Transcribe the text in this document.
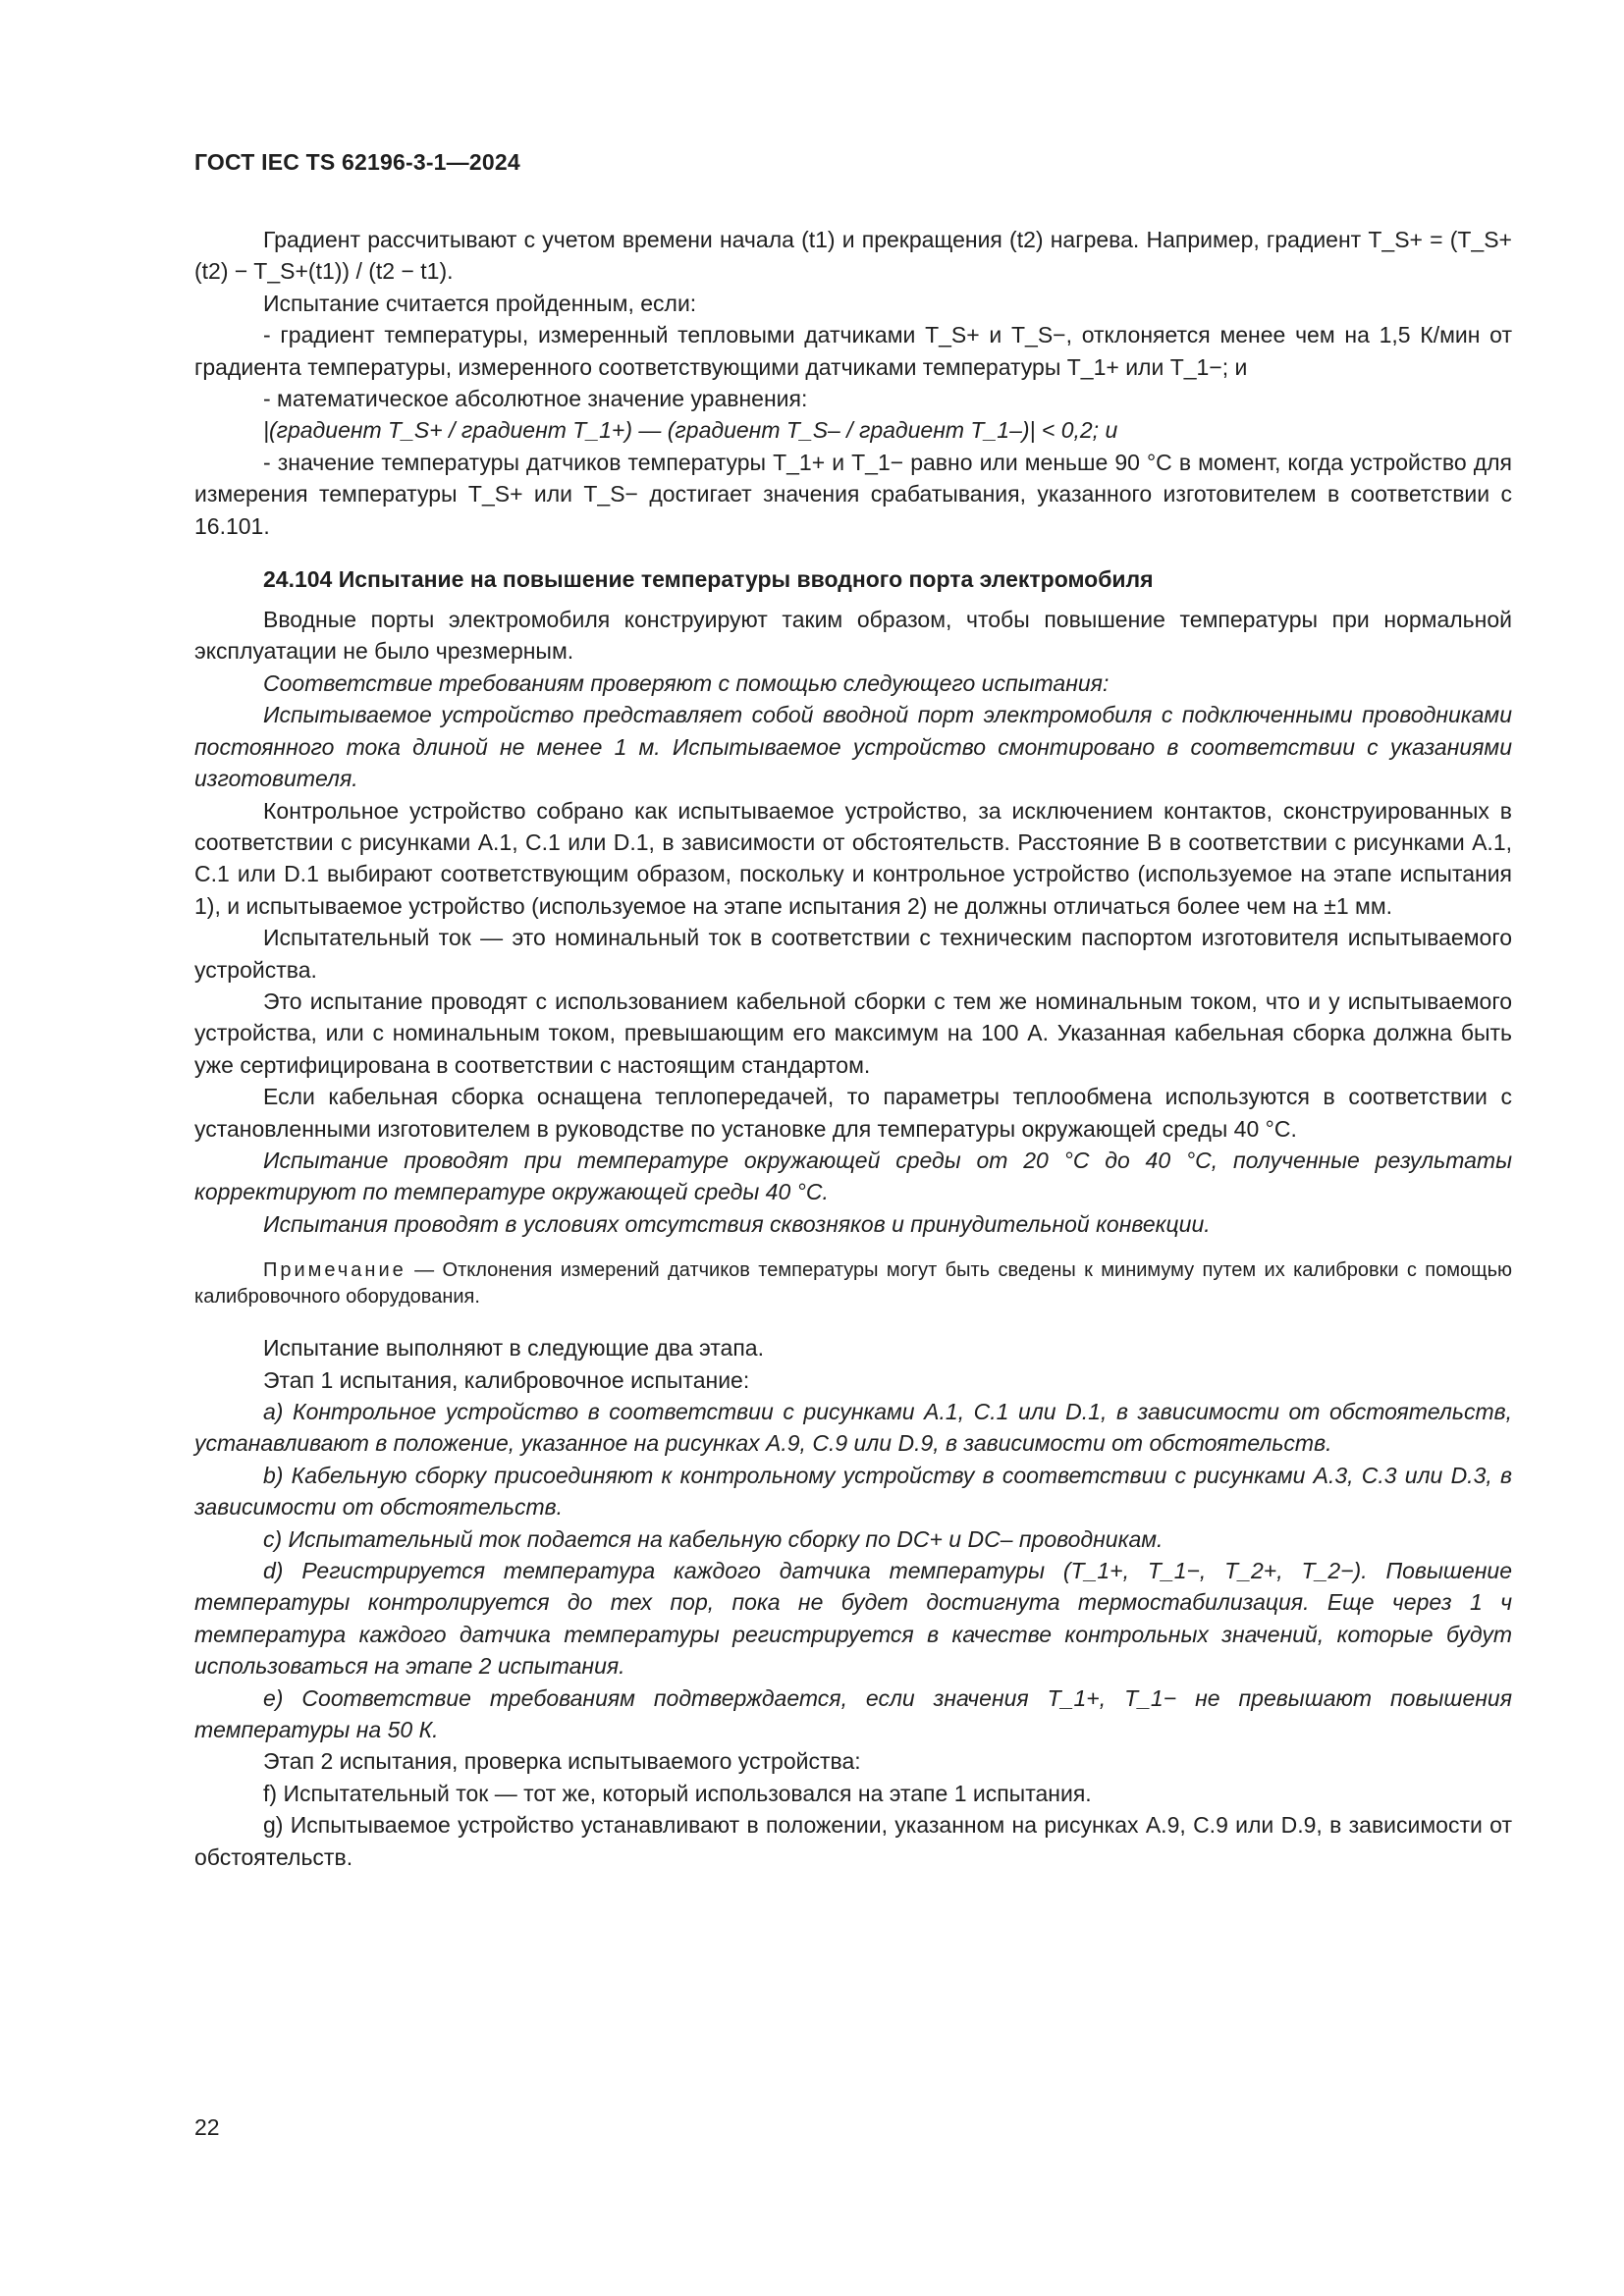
ГОСТ IEC TS 62196-3-1—2024

Градиент рассчитывают с учетом времени начала (t1) и прекращения (t2) нагрева. Например, градиент T_S+ = (T_S+(t2) − T_S+(t1)) / (t2 − t1).

Испытание считается пройденным, если:

- градиент температуры, измеренный тепловыми датчиками T_S+ и T_S−, отклоняется менее чем на 1,5 К/мин от градиента температуры, измеренного соответствующими датчиками температуры T_1+ или T_1−; и

- математическое абсолютное значение уравнения:

|(градиент T_S+ / градиент T_1+) — (градиент T_S– / градиент T_1–)| < 0,2; и

- значение температуры датчиков температуры T_1+ и T_1− равно или меньше 90 °C в момент, когда устройство для измерения температуры T_S+ или T_S− достигает значения срабатывания, указанного изготовителем в соответствии с 16.101.

24.104 Испытание на повышение температуры вводного порта электромобиля

Вводные порты электромобиля конструируют таким образом, чтобы повышение температуры при нормальной эксплуатации не было чрезмерным.

Соответствие требованиям проверяют с помощью следующего испытания:

Испытываемое устройство представляет собой вводной порт электромобиля с подключенными проводниками постоянного тока длиной не менее 1 м. Испытываемое устройство смонтировано в соответствии с указаниями изготовителя.

Контрольное устройство собрано как испытываемое устройство, за исключением контактов, сконструированных в соответствии с рисунками A.1, C.1 или D.1, в зависимости от обстоятельств. Расстояние B в соответствии с рисунками A.1, C.1 или D.1 выбирают соответствующим образом, поскольку и контрольное устройство (используемое на этапе испытания 1), и испытываемое устройство (используемое на этапе испытания 2) не должны отличаться более чем на ±1 мм.

Испытательный ток — это номинальный ток в соответствии с техническим паспортом изготовителя испытываемого устройства.

Это испытание проводят с использованием кабельной сборки с тем же номинальным током, что и у испытываемого устройства, или с номинальным током, превышающим его максимум на 100 А. Указанная кабельная сборка должна быть уже сертифицирована в соответствии с настоящим стандартом.

Если кабельная сборка оснащена теплопередачей, то параметры теплообмена используются в соответствии с установленными изготовителем в руководстве по установке для температуры окружающей среды 40 °C.

Испытание проводят при температуре окружающей среды от 20 °C до 40 °C, полученные результаты корректируют по температуре окружающей среды 40 °C.

Испытания проводят в условиях отсутствия сквозняков и принудительной конвекции.

Примечание — Отклонения измерений датчиков температуры могут быть сведены к минимуму путем их калибровки с помощью калибровочного оборудования.

Испытание выполняют в следующие два этапа.

Этап 1 испытания, калибровочное испытание:

a) Контрольное устройство в соответствии с рисунками A.1, C.1 или D.1, в зависимости от обстоятельств, устанавливают в положение, указанное на рисунках A.9, C.9 или D.9, в зависимости от обстоятельств.

b) Кабельную сборку присоединяют к контрольному устройству в соответствии с рисунками A.3, C.3 или D.3, в зависимости от обстоятельств.

c) Испытательный ток подается на кабельную сборку по DC+ и DC– проводникам.

d) Регистрируется температура каждого датчика температуры (T_1+, T_1−, T_2+, T_2−). Повышение температуры контролируется до тех пор, пока не будет достигнута термостабилизация. Еще через 1 ч температура каждого датчика температуры регистрируется в качестве контрольных значений, которые будут использоваться на этапе 2 испытания.

e) Соответствие требованиям подтверждается, если значения T_1+, T_1− не превышают повышения температуры на 50 К.

Этап 2 испытания, проверка испытываемого устройства:

f) Испытательный ток — тот же, который использовался на этапе 1 испытания.

g) Испытываемое устройство устанавливают в положении, указанном на рисунках A.9, C.9 или D.9, в зависимости от обстоятельств.

22
